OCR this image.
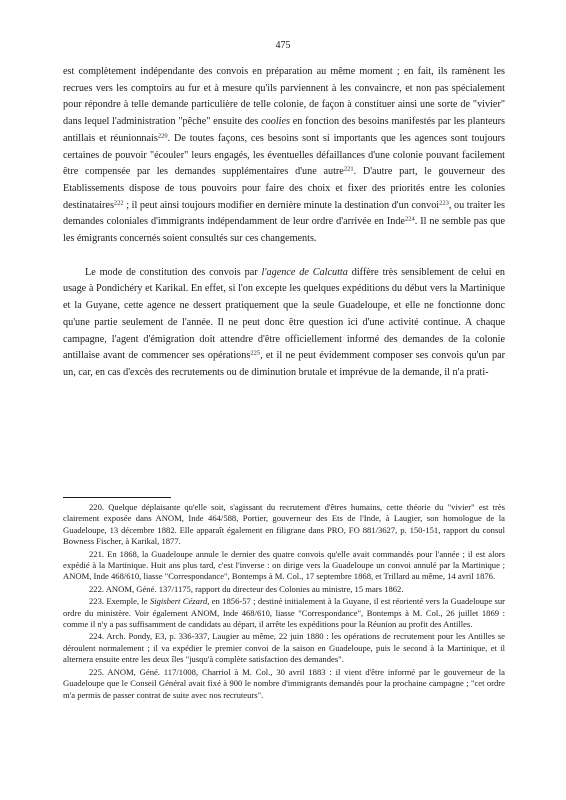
475

est complètement indépendante des convois en préparation au même moment ; en fait, ils ramènent les recrues vers les comptoirs au fur et à mesure qu'ils parviennent à les convaincre, et non pas spécialement pour répondre à telle demande particulière de telle colonie, de façon à constituer ainsi une sorte de "vivier" dans lequel l'administration "pêche" ensuite des coolies en fonction des besoins manifestés par les planteurs antillais et réunionnais$^{220}$. De toutes façons, ces besoins sont si importants que les agences sont toujours certaines de pouvoir "écouler" leurs engagés, les éventuelles défaillances d'une colonie pouvant facilement être compensée par les demandes supplémentaires d'une autre$^{221}$. D'autre part, le gouverneur des Etablissements dispose de tous pouvoirs pour faire des choix et fixer des priorités entre les colonies destinataires$^{222}$ ; il peut ainsi toujours modifier en dernière minute la destination d'un convoi$^{223}$, ou traiter les demandes coloniales d'immigrants indépendamment de leur ordre d'arrivée en Inde$^{224}$. Il ne semble pas que les émigrants concernés soient consultés sur ces changements.

Le mode de constitution des convois par l'agence de Calcutta diffère très sensiblement de celui en usage à Pondichéry et Karikal. En effet, si l'on excepte les quelques expéditions du début vers la Martinique et la Guyane, cette agence ne dessert pratiquement que la seule Guadeloupe, et elle ne fonctionne donc qu'une partie seulement de l'année. Il ne peut donc être question ici d'une activité continue. A chaque campagne, l'agent d'émigration doit attendre d'être officiellement informé des demandes de la colonie antillaise avant de commencer ses opérations$^{225}$, et il ne peut évidemment composer ses convois qu'un par un, car, en cas d'excès des recrutements ou de diminution brutale et imprévue de la demande, il n'a prati-

220. Quelque déplaisante qu'elle soit, s'agissant du recrutement d'êtres humains, cette théorie du "vivier" est très clairement exposée dans ANOM, Inde 464/588, Portier, gouverneur des Ets de l'Inde, à Laugier, son homologue de la Guadeloupe, 13 décembre 1882. Elle apparaît également en filigrane dans PRO, FO 881/3627, p. 150-151, rapport du consul Bowness Fischer, à Karikal, 1877.

221. En 1868, la Guadeloupe annule le dernier des quatre convois qu'elle avait commandés pour l'année ; il est alors expédié à la Martinique. Huit ans plus tard, c'est l'inverse : on dirige vers la Guadeloupe un convoi annulé par la Martinique ; ANOM, Inde 468/610, liasse "Correspondance", Bontemps à M. Col., 17 septembre 1868, et Trillard au même, 14 avril 1876.

222. ANOM, Géné. 137/1175, rapport du directeur des Colonies au ministre, 15 mars 1862.

223. Exemple, le Sigisbert Cézard, en 1856-57 ; destiné initialement à la Guyane, il est réorienté vers la Guadeloupe sur ordre du ministère. Voir également ANOM, Inde 468/610, liasse "Correspondance", Bontemps à M. Col., 26 juillet 1869 : comme il n'y a pas suffisamment de candidats au départ, il arrête les expéditions pour la Réunion au profit des Antilles.

224. Arch. Pondy, E3, p. 336-337, Laugier au même, 22 juin 1880 : les opérations de recrutement pour les Antilles se déroulent normalement ; il va expédier le premier convoi de la saison en Guadeloupe, puis le second à la Martinique, et il alternera ensuite entre les deux îles "jusqu'à complète satisfaction des demandes".

225. ANOM, Géné. 117/1008, Charriol à M. Col., 30 avril 1883 : il vient d'être informé par le gouverneur de la Guadeloupe que le Conseil Général avait fixé à 900 le nombre d'immigrants demandés pour la prochaine campagne ; "cet ordre m'a permis de passer contrat de suite avec nos recruteurs".
